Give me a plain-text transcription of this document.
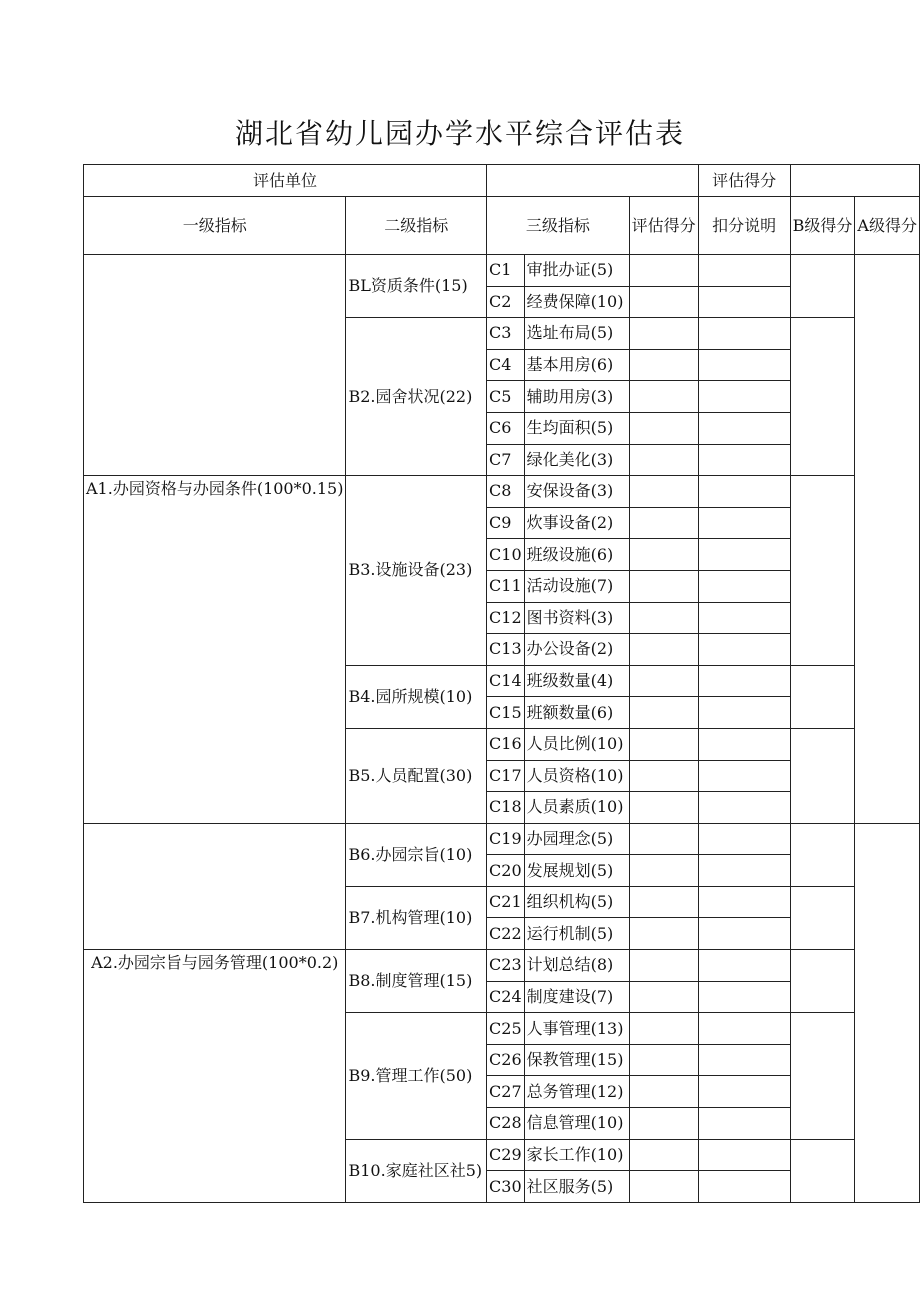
湖北省幼儿园办学水平综合评估表
评估单位					评估得分		
一级指标	二级指标	三级指标		评估得分	扣分说明	B级得分	A级得分
	BL资质条件(15)	C1	审批办证(5)				
		C2	经费保障(10)				
	B2.园舍状况(22)	C3	选址布局(5)				
		C4	基本用房(6)				
		C5	辅助用房(3)				
		C6	生均面积(5)				
		C7	绿化美化(3)				
A1.办园资格与办园条件(100*0.15)	B3.设施设备(23)	C8	安保设备(3)				
		C9	炊事设备(2)				
		C10	班级设施(6)				
		C11	活动设施(7)				
		C12	图书资料(3)				
		C13	办公设备(2)				
	B4.园所规模(10)	C14	班级数量(4)				
		C15	班额数量(6)				
	B5.人员配置(30)	C16	人员比例(10)				
		C17	人员资格(10)				
		C18	人员素质(10)				
	B6.办园宗旨(10)	C19	办园理念(5)				
		C20	发展规划(5)				
	B7.机构管理(10)	C21	组织机构(5)				
		C22	运行机制(5)				
A2.办园宗旨与园务管理(100*0.2)	B8.制度管理(15)	C23	计划总结(8)				
		C24	制度建设(7)				
	B9.管理工作(50)	C25	人事管理(13)				
		C26	保教管理(15)				
		C27	总务管理(12)				
		C28	信息管理(10)				
	B10.家庭社区社5)	C29	家长工作(10)				
		C30	社区服务(5)				
